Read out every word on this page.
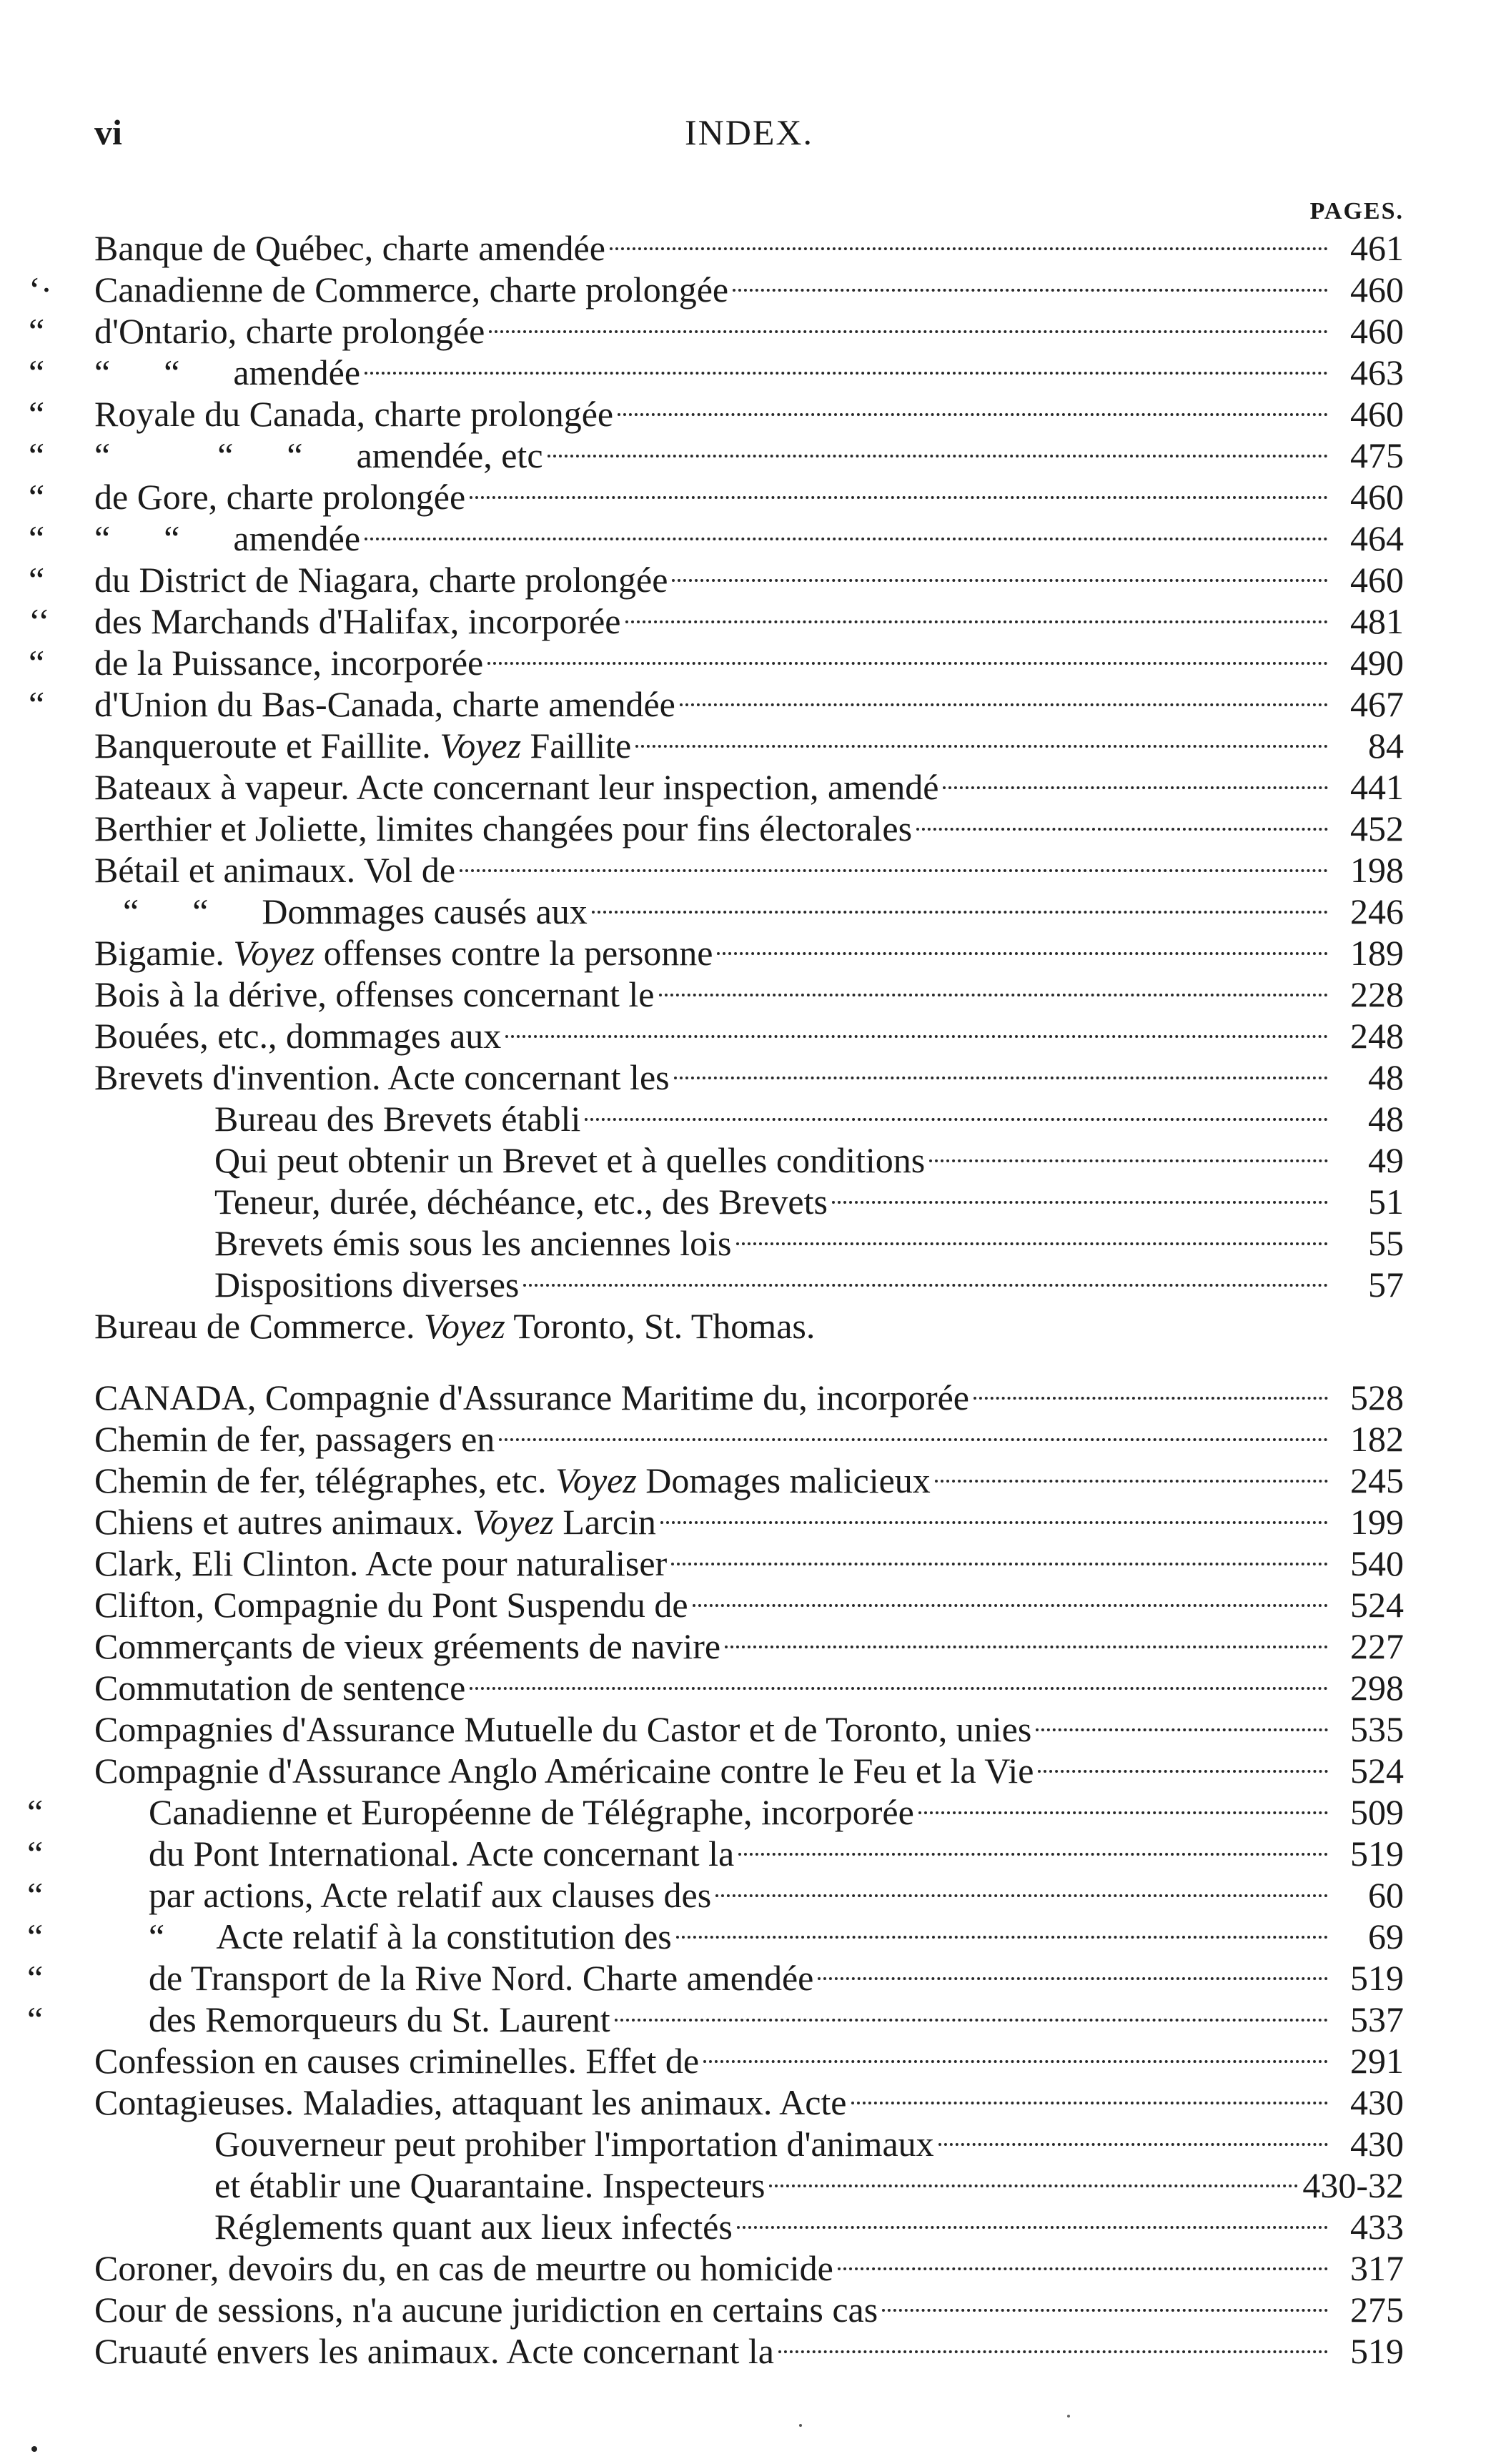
vi	INDEX.
PAGES.
Banque de Québec, charte amendée	461
‘· Canadienne de Commerce, charte prolongée	460
“ d'Ontario, charte prolongée	460
“ “      “      amendée	463
“ Royale du Canada, charte prolongée	460
“ “            “      “      amendée, etc	475
“ de Gore, charte prolongée	460
“ “      “      amendée	464
“ du District de Niagara, charte prolongée	460
‘‘ des Marchands d'Halifax, incorporée	481
“ de la Puissance, incorporée	490
“ d'Union du Bas-Canada, charte amendée	467
Banqueroute et Faillite. Voyez Faillite	84
Bateaux à vapeur. Acte concernant leur inspection, amendé	441
Berthier et Joliette, limites changées pour fins électorales	452
Bétail et animaux. Vol de	198
“      “      Dommages causés aux	246
Bigamie. Voyez offenses contre la personne	189
Bois à la dérive, offenses concernant le	228
Bouées, etc., dommages aux	248
Brevets d'invention. Acte concernant les	48
Bureau des Brevets établi	48
Qui peut obtenir un Brevet et à quelles conditions	49
Teneur, durée, déchéance, etc., des Brevets	51
Brevets émis sous les anciennes lois	55
Dispositions diverses	57
Bureau de Commerce. Voyez Toronto, St. Thomas.
CANADA, Compagnie d'Assurance Maritime du, incorporée	528
Chemin de fer, passagers en	182
Chemin de fer, télégraphes, etc. Voyez Domages malicieux	245
Chiens et autres animaux. Voyez Larcin	199
Clark, Eli Clinton. Acte pour naturaliser	540
Clifton, Compagnie du Pont Suspendu de	524
Commerçants de vieux gréements de navire	227
Commutation de sentence	298
Compagnies d'Assurance Mutuelle du Castor et de Toronto, unies	535
Compagnie d'Assurance Anglo Américaine contre le Feu et la Vie	524
“	Canadienne et Européenne de Télégraphe, incorporée	509
“	du Pont International. Acte concernant la	519
“	par actions, Acte relatif aux clauses des	60
“	“      Acte relatif à la constitution des	69
“	de Transport de la Rive Nord. Charte amendée	519
“	des Remorqueurs du St. Laurent	537
Confession en causes criminelles. Effet de	291
Contagieuses. Maladies, attaquant les animaux. Acte	430
Gouverneur peut prohiber l'importation d'animaux	430
et établir une Quarantaine. Inspecteurs	430-32
Réglements quant aux lieux infectés	433
Coroner, devoirs du, en cas de meurtre ou homicide	317
Cour de sessions, n'a aucune juridiction en certains cas	275
Cruauté envers les animaux. Acte concernant la	519
